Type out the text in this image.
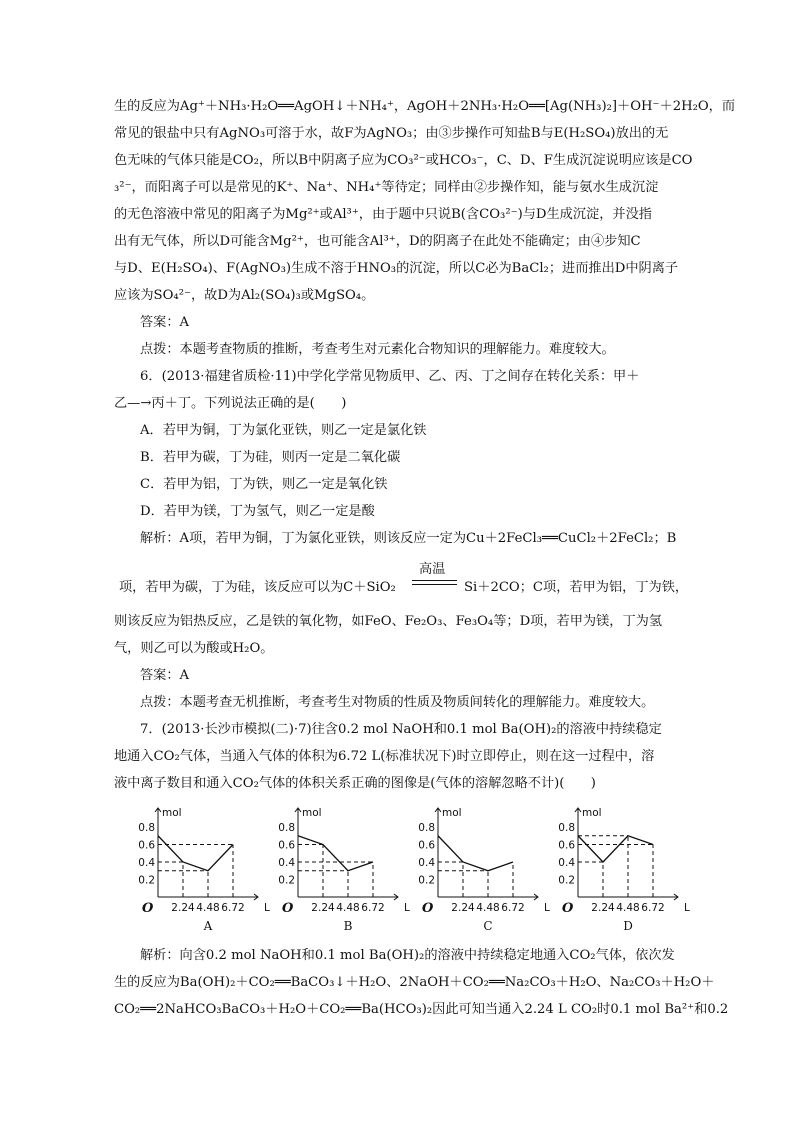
生的反应为Ag⁺＋NH₃·H₂O══AgOH↓＋NH₄⁺，AgOH＋2NH₃·H₂O══[Ag(NH₃)₂]＋OH⁻＋2H₂O，而
常见的银盐中只有AgNO₃可溶于水，故F为AgNO₃；由③步操作可知盐B与E(H₂SO₄)放出的无
色无味的气体只能是CO₂，所以B中阴离子应为CO₃²⁻或HCO₃⁻，C、D、F生成沉淀说明应该是CO
₃²⁻，而阳离子可以是常见的K⁺、Na⁺、NH₄⁺等待定；同样由②步操作知，能与氨水生成沉淀
的无色溶液中常见的阳离子为Mg²⁺或Al³⁺，由于题中只说B(含CO₃²⁻)与D生成沉淀，并没指
出有无气体，所以D可能含Mg²⁺，也可能含Al³⁺，D的阴离子在此处不能确定；由④步知C
与D、E(H₂SO₄)、F(AgNO₃)生成不溶于HNO₃的沉淀，所以C必为BaCl₂；进而推出D中阴离子
应该为SO₄²⁻，故D为Al₂(SO₄)₃或MgSO₄。
答案：A
点拨：本题考查物质的推断，考查考生对元素化合物知识的理解能力。难度较大。
6．(2013·福建省质检·11)中学化学常见物质甲、乙、丙、丁之间存在转化关系：甲＋
乙—→丙＋丁。下列说法正确的是(　　)
A．若甲为铜，丁为氯化亚铁，则乙一定是氯化铁
B．若甲为碳，丁为硅，则丙一定是二氧化碳
C．若甲为铝，丁为铁，则乙一定是氧化铁
D．若甲为镁，丁为氢气，则乙一定是酸
解析：A项，若甲为铜，丁为氯化亚铁，则该反应一定为Cu＋2FeCl₃══CuCl₂＋2FeCl₂；B
项，若甲为碳，丁为硅，该反应可以为C＋SiO₂
高温
Si＋2CO；C项，若甲为铝，丁为铁，
则该反应为铝热反应，乙是铁的氧化物，如FeO、Fe₂O₃、Fe₃O₄等；D项，若甲为镁，丁为氢
气，则乙可以为酸或H₂O。
答案：A
点拨：本题考查无机推断，考查考生对物质的性质及物质间转化的理解能力。难度较大。
7．(2013·长沙市模拟(二)·7)往含0.2 mol NaOH和0.1 mol Ba(OH)₂的溶液中持续稳定
地通入CO₂气体，当通入气体的体积为6.72 L(标准状况下)时立即停止，则在这一过程中，溶
液中离子数目和通入CO₂气体的体积关系正确的图像是(气体的溶解忽略不计)(　　)
0.2
0.4
0.6
0.8
2.24 4.48 6.72
mol
L
O
A
0.2
0.4
0.6
0.8
2.24 4.48 6.72
mol
L
O
B
0.2
0.4
0.6
0.8
2.24 4.48 6.72
mol
L
O
C
0.2
0.4
0.6
0.8
2.24 4.48 6.72
mol
L
O
D
解析：向含0.2 mol NaOH和0.1 mol Ba(OH)₂的溶液中持续稳定地通入CO₂气体，依次发
生的反应为Ba(OH)₂＋CO₂══BaCO₃↓＋H₂O、2NaOH＋CO₂══Na₂CO₃＋H₂O、Na₂CO₃＋H₂O＋
CO₂══2NaHCO₃BaCO₃＋H₂O＋CO₂══Ba(HCO₃)₂因此可知当通入2.24 L CO₂时0.1 mol Ba²⁺和0.2
